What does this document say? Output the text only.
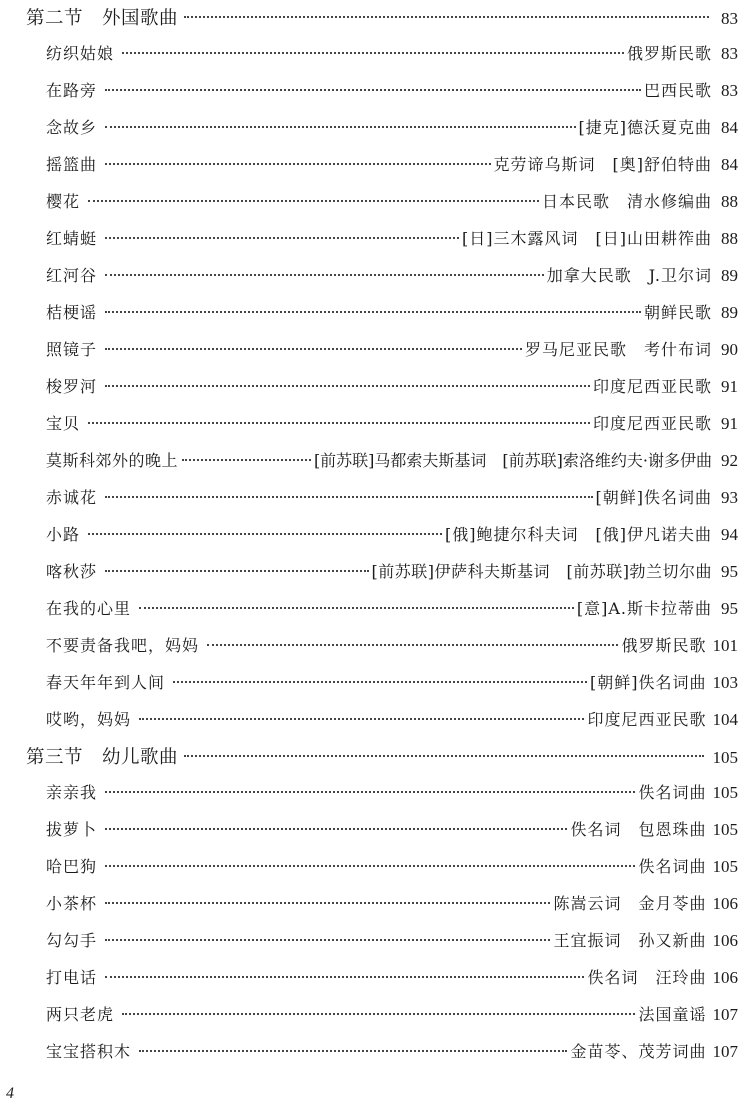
第二节　外国歌曲	83
纺织姑娘	俄罗斯民歌 83
在路旁	巴西民歌 83
念故乡	[捷克]德沃夏克曲 84
摇篮曲	克劳谛乌斯词　[奥]舒伯特曲 84
樱花	日本民歌　清水修编曲 88
红蜻蜓	[日]三木露风词　[日]山田耕筰曲 88
红河谷	加拿大民歌　J.卫尔词 89
桔梗谣	朝鲜民歌 89
照镜子	罗马尼亚民歌　考什布词 90
梭罗河	印度尼西亚民歌 91
宝贝	印度尼西亚民歌 91
莫斯科郊外的晚上	[前苏联]马都索夫斯基词　[前苏联]索洛维约夫·谢多伊曲 92
赤诚花	[朝鲜]佚名词曲 93
小路	[俄]鲍捷尔科夫词　[俄]伊凡诺夫曲 94
喀秋莎	[前苏联]伊萨科夫斯基词　[前苏联]勃兰切尔曲 95
在我的心里	[意]A.斯卡拉蒂曲 95
不要责备我吧，妈妈	俄罗斯民歌 101
春天年年到人间	[朝鲜]佚名词曲 103
哎哟，妈妈	印度尼西亚民歌 104
第三节　幼儿歌曲	105
亲亲我	佚名词曲 105
拔萝卜	佚名词　包恩珠曲 105
哈巴狗	佚名词曲 105
小茶杯	陈嵩云词　金月苓曲 106
勾勾手	王宜振词　孙又新曲 106
打电话	佚名词　汪玲曲 106
两只老虎	法国童谣 107
宝宝搭积木	金苗苓、茂芳词曲 107
4
